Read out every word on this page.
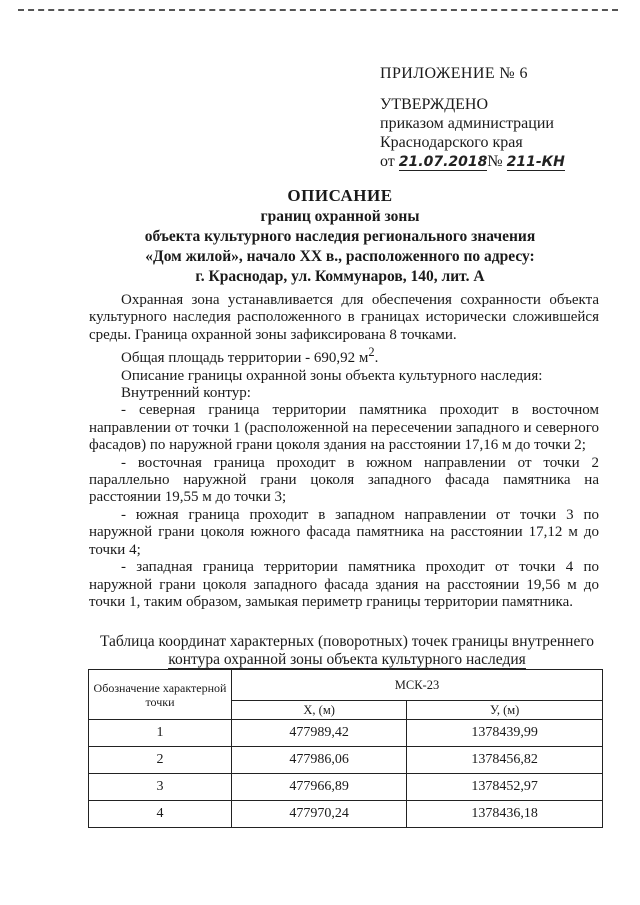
ПРИЛОЖЕНИЕ № 6
УТВЕРЖДЕНО
приказом администрации
Краснодарского края
от 21.07.2018№ 211-КН
ОПИСАНИЕ
границ охранной зоны
объекта культурного наследия регионального значения
«Дом жилой», начало XX в., расположенного по адресу:
г. Краснодар, ул. Коммунаров, 140, лит. А

Охранная зона устанавливается для обеспечения сохранности объекта культурного наследия расположенного в границах исторически сложившейся среды. Граница охранной зоны зафиксирована 8 точками.

Общая площадь территории - 690,92 $м^2$.

Описание границы охранной зоны объекта культурного наследия:

Внутренний контур:

- северная граница территории памятника проходит в восточном направлении от точки 1 (расположенной на пересечении западного и северного фасадов) по наружной грани цоколя здания на расстоянии 17,16 м до точки 2;

- восточная граница проходит в южном направлении от точки 2 параллельно наружной грани цоколя западного фасада памятника на расстоянии 19,55 м до точки 3;

- южная граница проходит в западном направлении от точки 3 по наружной грани цоколя южного фасада памятника на расстоянии 17,12 м до точки 4;

- западная граница территории памятника проходит от точки 4 по наружной грани цоколя западного фасада здания на расстоянии 19,56 м до точки 1, таким образом, замыкая периметр границы территории памятника.

Таблица координат характерных (поворотных) точек границы внутреннего
контура охранной зоны объекта культурного наследия
Обозначение характерной точки	МСК-23	
	X, (м)	У, (м)
1	477989,42	1378439,99
2	477986,06	1378456,82
3	477966,89	1378452,97
4	477970,24	1378436,18
